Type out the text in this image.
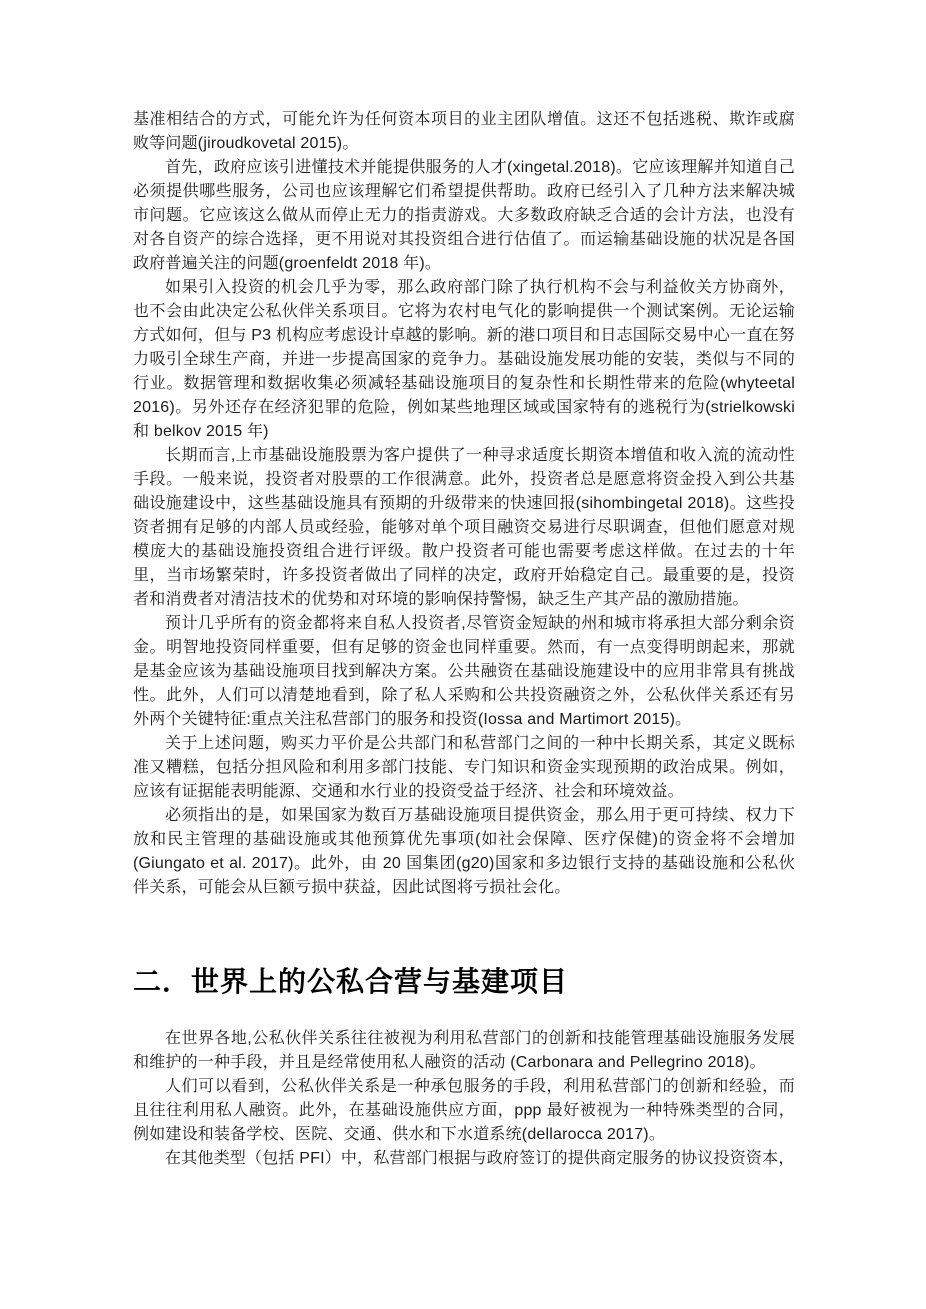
基准相结合的方式，可能允许为任何资本项目的业主团队增值。这还不包括逃税、欺诈或腐败等问题(jiroudkovetal 2015)。

首先，政府应该引进懂技术并能提供服务的人才(xingetal.2018)。它应该理解并知道自己必须提供哪些服务，公司也应该理解它们希望提供帮助。政府已经引入了几种方法来解决城市问题。它应该这么做从而停止无力的指责游戏。大多数政府缺乏合适的会计方法，也没有对各自资产的综合选择，更不用说对其投资组合进行估值了。而运输基础设施的状况是各国政府普遍关注的问题(groenfeldt 2018 年)。

如果引入投资的机会几乎为零，那么政府部门除了执行机构不会与利益攸关方协商外，也不会由此决定公私伙伴关系项目。它将为农村电气化的影响提供一个测试案例。无论运输方式如何，但与 P3 机构应考虑设计卓越的影响。新的港口项目和日志国际交易中心一直在努力吸引全球生产商，并进一步提高国家的竞争力。基础设施发展功能的安装，类似与不同的行业。数据管理和数据收集必须减轻基础设施项目的复杂性和长期性带来的危险(whyteetal 2016)。另外还存在经济犯罪的危险，例如某些地理区域或国家特有的逃税行为(strielkowski 和 belkov 2015 年)

长期而言,上市基础设施股票为客户提供了一种寻求适度长期资本增值和收入流的流动性手段。一般来说，投资者对股票的工作很满意。此外，投资者总是愿意将资金投入到公共基础设施建设中，这些基础设施具有预期的升级带来的快速回报(sihombingetal 2018)。这些投资者拥有足够的内部人员或经验，能够对单个项目融资交易进行尽职调查，但他们愿意对规模庞大的基础设施投资组合进行评级。散户投资者可能也需要考虑这样做。在过去的十年里，当市场繁荣时，许多投资者做出了同样的决定，政府开始稳定自己。最重要的是，投资者和消费者对清洁技术的优势和对环境的影响保持警惕，缺乏生产其产品的激励措施。

预计几乎所有的资金都将来自私人投资者,尽管资金短缺的州和城市将承担大部分剩余资金。明智地投资同样重要，但有足够的资金也同样重要。然而，有一点变得明朗起来，那就是基金应该为基础设施项目找到解决方案。公共融资在基础设施建设中的应用非常具有挑战性。此外，人们可以清楚地看到，除了私人采购和公共投资融资之外，公私伙伴关系还有另外两个关键特征:重点关注私营部门的服务和投资(Iossa and Martimort 2015)。

关于上述问题，购买力平价是公共部门和私营部门之间的一种中长期关系，其定义既标准又糟糕，包括分担风险和利用多部门技能、专门知识和资金实现预期的政治成果。例如，应该有证据能表明能源、交通和水行业的投资受益于经济、社会和环境效益。

必须指出的是，如果国家为数百万基础设施项目提供资金，那么用于更可持续、权力下放和民主管理的基础设施或其他预算优先事项(如社会保障、医疗保健)的资金将不会增加(Giungato et al. 2017)。此外，由 20 国集团(g20)国家和多边银行支持的基础设施和公私伙伴关系，可能会从巨额亏损中获益，因此试图将亏损社会化。

二．世界上的公私合营与基建项目

在世界各地,公私伙伴关系往往被视为利用私营部门的创新和技能管理基础设施服务发展和维护的一种手段，并且是经常使用私人融资的活动 (Carbonara and Pellegrino 2018)。

人们可以看到，公私伙伴关系是一种承包服务的手段，利用私营部门的创新和经验，而且往往利用私人融资。此外，在基础设施供应方面，ppp 最好被视为一种特殊类型的合同，例如建设和装备学校、医院、交通、供水和下水道系统(dellarocca 2017)。

在其他类型（包括 PFI）中，私营部门根据与政府签订的提供商定服务的协议投资资本，
